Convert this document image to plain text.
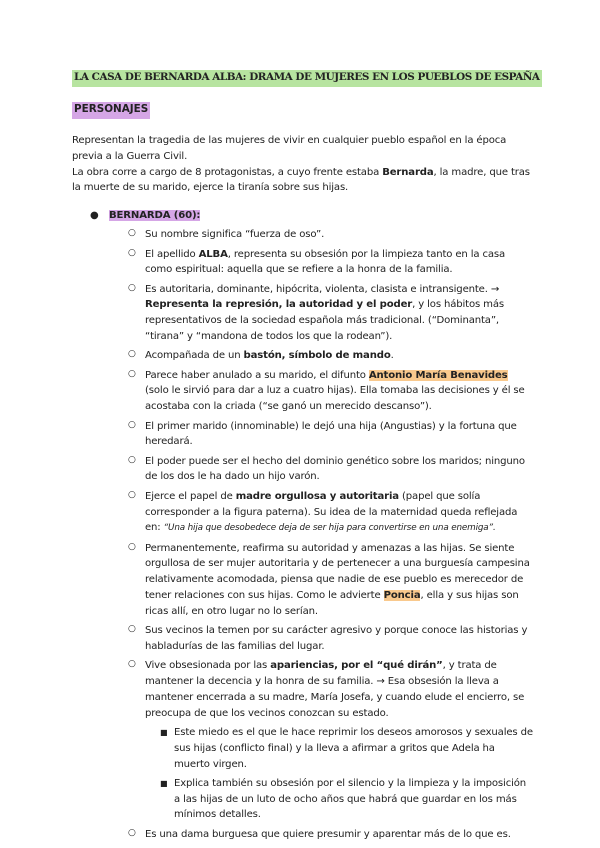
LA CASA DE BERNARDA ALBA: DRAMA DE MUJERES EN LOS PUEBLOS DE ESPAÑA
PERSONAJES

Representan la tragedia de las mujeres de vivir en cualquier pueblo español en la época previa a la Guerra Civil.

La obra corre a cargo de 8 protagonistas, a cuyo frente estaba Bernarda, la madre, que tras la muerte de su marido, ejerce la tiranía sobre sus hijas.

● BERNARDA (60):
○ Su nombre significa “fuerza de oso”.
○ El apellido ALBA, representa su obsesión por la limpieza tanto en la casa como espiritual: aquella que se refiere a la honra de la familia.
○ Es autoritaria, dominante, hipócrita, violenta, clasista e intransigente. → Representa la represión, la autoridad y el poder, y los hábitos más representativos de la sociedad española más tradicional. (“Dominanta”, “tirana” y “mandona de todos los que la rodean”).
○ Acompañada de un bastón, símbolo de mando.
○ Parece haber anulado a su marido, el difunto Antonio María Benavides (solo le sirvió para dar a luz a cuatro hijas). Ella tomaba las decisiones y él se acostaba con la criada (“se ganó un merecido descanso”).
○ El primer marido (innominable) le dejó una hija (Angustias) y la fortuna que heredará.
○ El poder puede ser el hecho del dominio genético sobre los maridos; ninguno de los dos le ha dado un hijo varón.
○ Ejerce el papel de madre orgullosa y autoritaria (papel que solía corresponder a la figura paterna). Su idea de la maternidad queda reflejada en: “Una hija que desobedece deja de ser hija para convertirse en una enemiga”.
○ Permanentemente, reafirma su autoridad y amenazas a las hijas. Se siente orgullosa de ser mujer autoritaria y de pertenecer a una burguesía campesina relativamente acomodada, piensa que nadie de ese pueblo es merecedor de tener relaciones con sus hijas. Como le advierte Poncia, ella y sus hijas son ricas allí, en otro lugar no lo serían.
○ Sus vecinos la temen por su carácter agresivo y porque conoce las historias y habladurías de las familias del lugar.
○ Vive obsesionada por las apariencias, por el “qué dirán”, y trata de mantener la decencia y la honra de su familia. → Esa obsesión la lleva a mantener encerrada a su madre, María Josefa, y cuando elude el encierro, se preocupa de que los vecinos conozcan su estado.
■ Este miedo es el que le hace reprimir los deseos amorosos y sexuales de sus hijas (conflicto final) y la lleva a afirmar a gritos que Adela ha muerto virgen.
■ Explica también su obsesión por el silencio y la limpieza y la imposición a las hijas de un luto de ocho años que habrá que guardar en los más mínimos detalles.
○ Es una dama burguesa que quiere presumir y aparentar más de lo que es.
